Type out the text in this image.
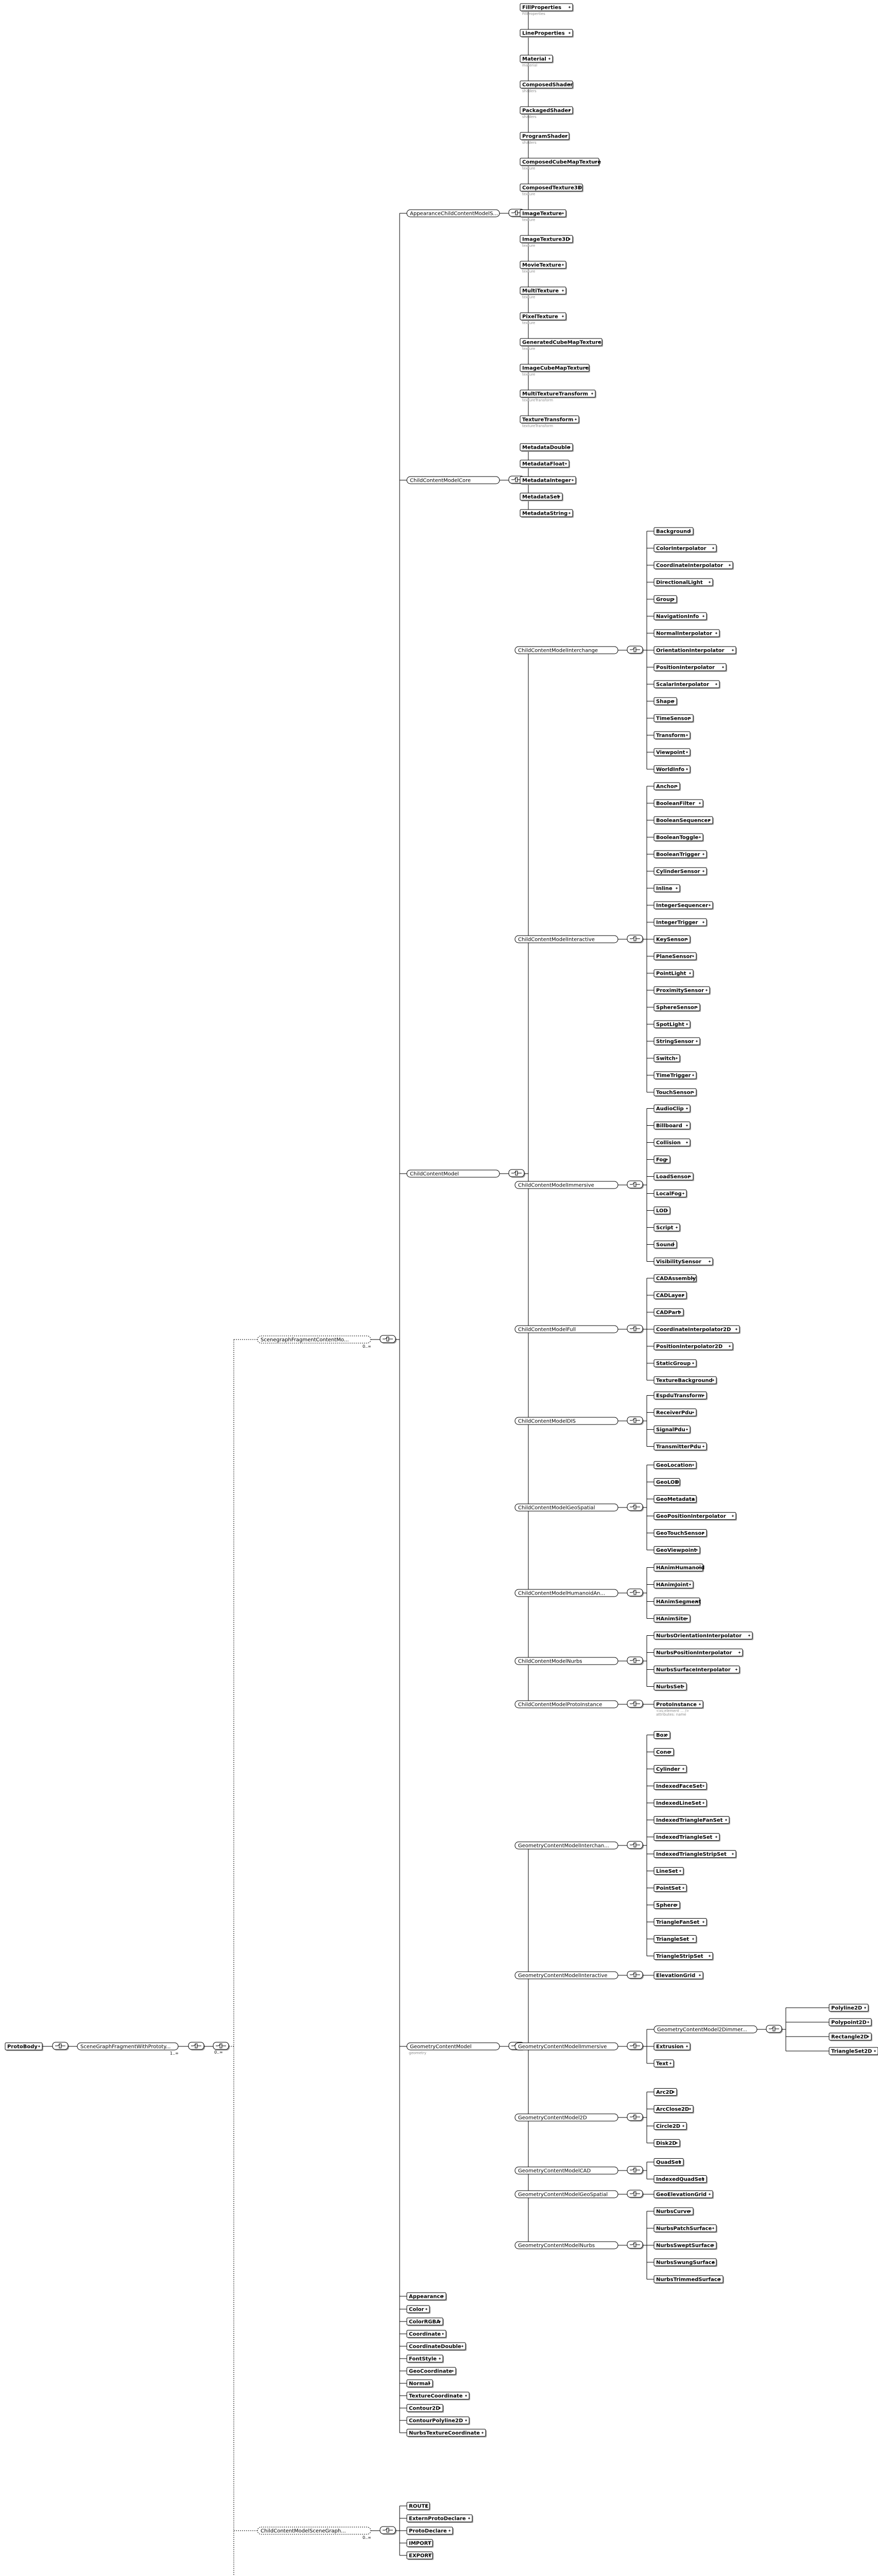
ProtoBody	SceneGraphFragmentWithPrototy...
1..∞	0..∞
ScenegraphFragmentContentMo...
0..∞
AppearanceChildContentModelS...
FillProperties
FillProperties
LineProperties
Material
material
ComposedShader
shaders
PackagedShader
shaders
ProgramShader
shaders
ComposedCubeMapTexture
texture
ComposedTexture3D
texture
ImageTexture
texture
ImageTexture3D
texture
MovieTexture
texture
MultiTexture
texture
PixelTexture
texture
GeneratedCubeMapTexture
texture
ImageCubeMapTexture
texture
MultiTextureTransform
textureTransform
TextureTransform
textureTransform
ChildContentModelCore
MetadataDouble
MetadataFloat
MetadataInteger
MetadataSet
MetadataString
ChildContentModel
ChildContentModelInterchange
Background
ColorInterpolator
CoordinateInterpolator
DirectionalLight
Group
NavigationInfo
NormalInterpolator
OrientationInterpolator
PositionInterpolator
ScalarInterpolator
Shape
TimeSensor
Transform
Viewpoint
WorldInfo
ChildContentModelInteractive
Anchor
BooleanFilter
BooleanSequencer
BooleanToggle
BooleanTrigger
CylinderSensor
Inline
IntegerSequencer
IntegerTrigger
KeySensor
PlaneSensor
PointLight
ProximitySensor
SphereSensor
SpotLight
StringSensor
Switch
TimeTrigger
TouchSensor
ChildContentModelImmersive
AudioClip
Billboard
Collision
Fog
LoadSensor
LocalFog
LOD
Script
Sound
VisibilitySensor
ChildContentModelFull
CADAssembly
CADLayer
CADPart
CoordinateInterpolator2D
PositionInterpolator2D
StaticGroup
TextureBackground
ChildContentModelDIS
EspduTransform
ReceiverPdu
SignalPdu
TransmitterPdu
ChildContentModelGeoSpatial
GeoLocation
GeoLOD
GeoMetadata
GeoPositionInterpolator
GeoTouchSensor
GeoViewpoint
ChildContentModelHumanoidAn...
HAnimHumanoid
HAnimJoint
HAnimSegment
HAnimSite
ChildContentModelNurbs
NurbsOrientationInterpolator
NurbsPositionInterpolator
NurbsSurfaceInterpolator
NurbsSet
ChildContentModelProtoInstance	ProtoInstance
<xs:element ... />
attributes: name
GeometryContentModel
geometry
GeometryContentModelInterchan...
Box
Cone
Cylinder
IndexedFaceSet
IndexedLineSet
IndexedTriangleFanSet
IndexedTriangleSet
IndexedTriangleStripSet
LineSet
PointSet
Sphere
TriangleFanSet
TriangleSet
TriangleStripSet
GeometryContentModelInteractive	ElevationGrid
GeometryContentModelImmersive
GeometryContentModel2Dimmer...
Polyline2D
Polypoint2D
Rectangle2D
TriangleSet2D
Extrusion
Text
GeometryContentModel2D
Arc2D
ArcClose2D
Circle2D
Disk2D
GeometryContentModelCAD
QuadSet
IndexedQuadSet
GeometryContentModelGeoSpatial	GeoElevationGrid
GeometryContentModelNurbs
NurbsCurve
NurbsPatchSurface
NurbsSweptSurface
NurbsSwungSurface
NurbsTrimmedSurface
Appearance
Color
ColorRGBA
Coordinate
CoordinateDouble
FontStyle
GeoCoordinate
Normal
TextureCoordinate
Contour2D
ContourPolyline2D
NurbsTextureCoordinate
ChildContentModelSceneGraph...
0..∞
ROUTE
ExternProtoDeclare
ProtoDeclare
IMPORT
EXPORT
